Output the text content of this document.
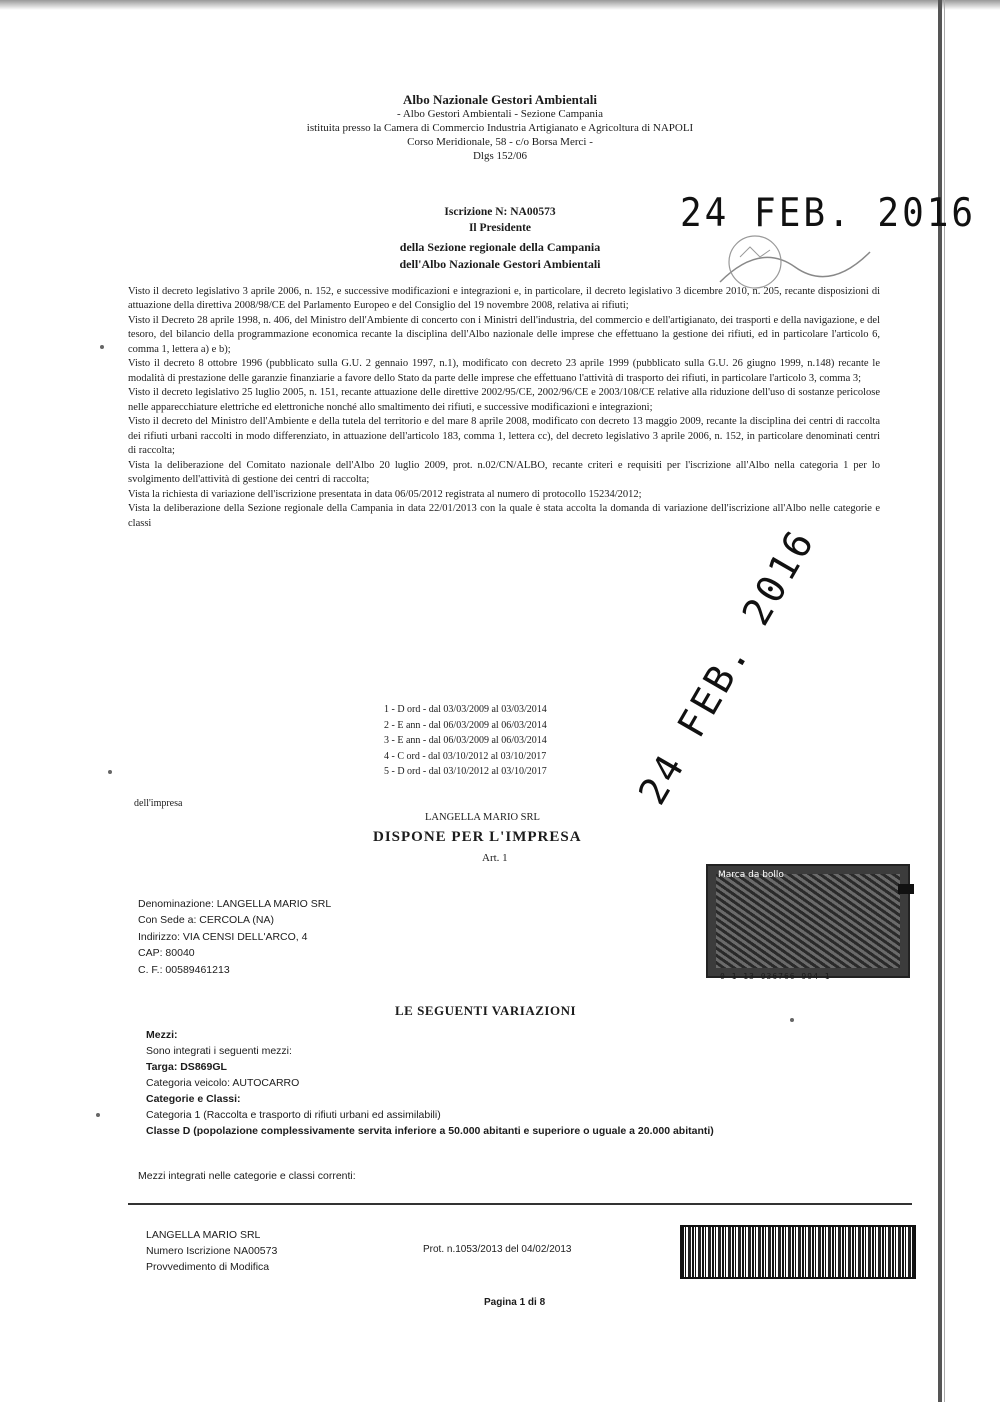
Albo Nazionale Gestori Ambientali
- Albo Gestori Ambientali - Sezione Campania
istituita presso la Camera di Commercio Industria Artigianato e Agricoltura di NAPOLI
Corso Meridionale, 58 - c/o Borsa Merci -
Dlgs 152/06
24 FEB. 2016
Iscrizione N: NA00573
Il Presidente
della Sezione regionale della Campania
dell'Albo Nazionale Gestori Ambientali

Visto il decreto legislativo 3 aprile 2006, n. 152, e successive modificazioni e integrazioni e, in particolare, il decreto legislativo 3 dicembre 2010, n. 205, recante disposizioni di attuazione della direttiva 2008/98/CE del Parlamento Europeo e del Consiglio del 19 novembre 2008, relativa ai rifiuti;

Visto il Decreto 28 aprile 1998, n. 406, del Ministro dell'Ambiente di concerto con i Ministri dell'industria, del commercio e dell'artigianato, dei trasporti e della navigazione, e del tesoro, del bilancio della programmazione economica recante la disciplina dell'Albo nazionale delle imprese che effettuano la gestione dei rifiuti, ed in particolare l'articolo 6, comma 1, lettera a) e b);

Visto il decreto 8 ottobre 1996 (pubblicato sulla G.U. 2 gennaio 1997, n.1), modificato con decreto 23 aprile 1999 (pubblicato sulla G.U. 26 giugno 1999, n.148) recante le modalità di prestazione delle garanzie finanziarie a favore dello Stato da parte delle imprese che effettuano l'attività di trasporto dei rifiuti, in particolare l'articolo 3, comma 3;

Visto il decreto legislativo 25 luglio 2005, n. 151, recante attuazione delle direttive 2002/95/CE, 2002/96/CE e 2003/108/CE relative alla riduzione dell'uso di sostanze pericolose nelle apparecchiature elettriche ed elettroniche nonché allo smaltimento dei rifiuti, e successive modificazioni e integrazioni;

Visto il decreto del Ministro dell'Ambiente e della tutela del territorio e del mare 8 aprile 2008, modificato con decreto 13 maggio 2009, recante la disciplina dei centri di raccolta dei rifiuti urbani raccolti in modo differenziato, in attuazione dell'articolo 183, comma 1, lettera cc), del decreto legislativo 3 aprile 2006, n. 152, in particolare denominati centri di raccolta;

Vista la deliberazione del Comitato nazionale dell'Albo 20 luglio 2009, prot. n.02/CN/ALBO, recante criteri e requisiti per l'iscrizione all'Albo nella categoria 1 per lo svolgimento dell'attività di gestione dei centri di raccolta;

Vista la richiesta di variazione dell'iscrizione presentata in data 06/05/2012 registrata al numero di protocollo 15234/2012;

Vista la deliberazione della Sezione regionale della Campania in data 22/01/2013 con la quale è stata accolta la domanda di variazione dell'iscrizione all'Albo nelle categorie e classi

1 - D ord - dal 03/03/2009 al 03/03/2014
2 - E ann - dal 06/03/2009 al 06/03/2014
3 - E ann - dal 06/03/2009 al 06/03/2014
4 - C ord - dal 03/10/2012 al 03/10/2017
5 - D ord - dal 03/10/2012 al 03/10/2017 24 FEB. 2016
dell'impresa
LANGELLA MARIO SRL
DISPONE PER L'IMPRESA
Art. 1
Denominazione: LANGELLA MARIO SRL
Con Sede a: CERCOLA (NA)
Indirizzo: VIA CENSI DELL'ARCO, 4
CAP: 80040
C. F.: 00589461213
Marca da bollo
0 1 13 036766 994 1
LE SEGUENTI VARIAZIONI
Mezzi:
Sono integrati i seguenti mezzi:
Targa: DS869GL
Categoria veicolo: AUTOCARRO
Categorie e Classi:
Categoria 1 (Raccolta e trasporto di rifiuti urbani ed assimilabili)
Classe D (popolazione complessivamente servita inferiore a 50.000 abitanti e superiore o uguale a 20.000 abitanti)
Mezzi integrati nelle categorie e classi correnti:
LANGELLA MARIO SRL
Numero Iscrizione NA00573
Provvedimento di Modifica
Prot. n.1053/2013 del 04/02/2013
Pagina 1 di 8
